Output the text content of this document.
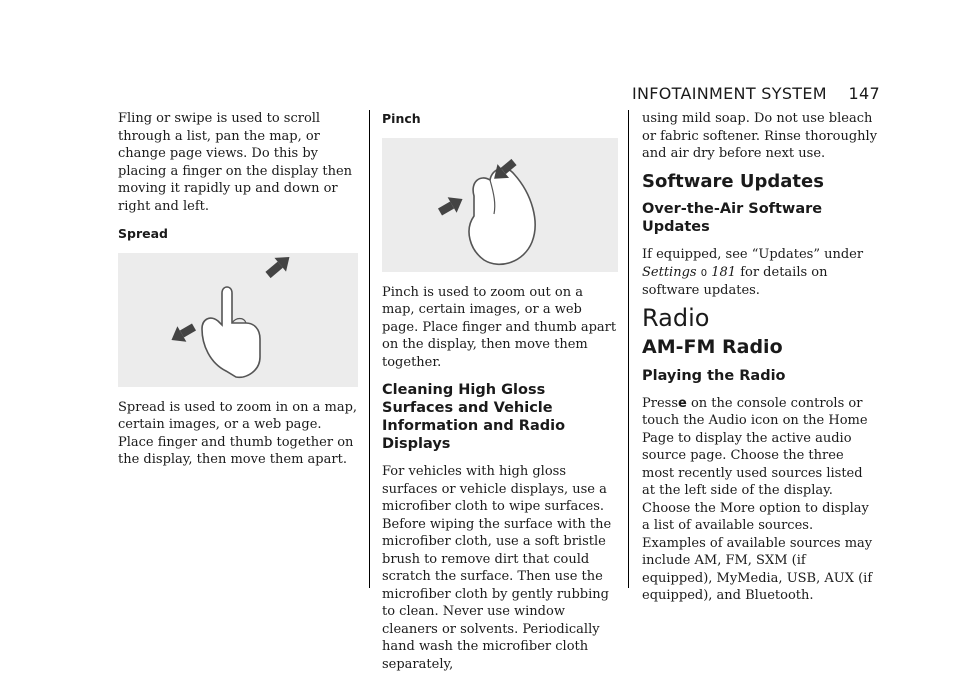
INFOTAINMENT SYSTEM 147

Fling or swipe is used to scroll through a list, pan the map, or change page views. Do this by placing a finger on the display then moving it rapidly up and down or right and left.

Spread

Spread is used to zoom in on a map, certain images, or a web page. Place finger and thumb together on the display, then move them apart.

Pinch

Pinch is used to zoom out on a map, certain images, or a web page. Place finger and thumb apart on the display, then move them together.

Cleaning High Gloss Surfaces and Vehicle Information and Radio Displays

For vehicles with high gloss surfaces or vehicle displays, use a microfiber cloth to wipe surfaces. Before wiping the surface with the microfiber cloth, use a soft bristle brush to remove dirt that could scratch the surface. Then use the microfiber cloth by gently rubbing to clean. Never use window cleaners or solvents. Periodically hand wash the microfiber cloth separately,

using mild soap. Do not use bleach or fabric softener. Rinse thoroughly and air dry before next use.

Software Updates
Over-the-Air Software Updates

If equipped, see “Updates” under
Settings 0 181 for details on software updates.

Radio
AM-FM Radio
Playing the Radio

Presse on the console controls or touch the Audio icon on the Home Page to display the active audio source page. Choose the three most recently used sources listed at the left side of the display. Choose the More option to display a list of available sources. Examples of available sources may include AM, FM, SXM (if equipped), MyMedia, USB, AUX (if equipped), and Bluetooth.
